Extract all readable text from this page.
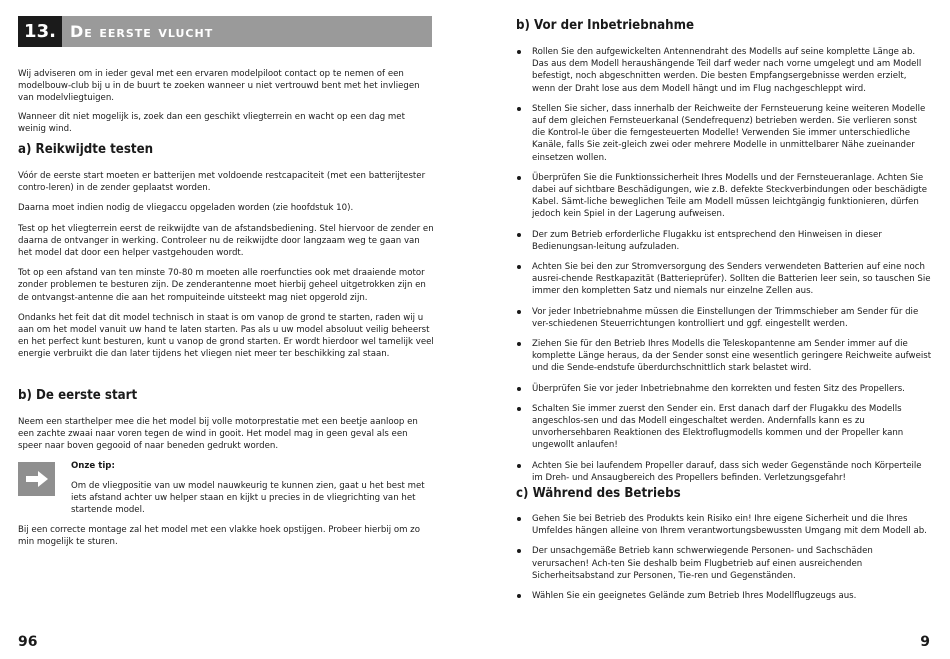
13. De eerste vlucht

Wij adviseren om in ieder geval met een ervaren modelpiloot contact op te nemen of een modelbouw-club bij u in de buurt te zoeken wanneer u niet vertrouwd bent met het invliegen van modelvliegtuigen.

Wanneer dit niet mogelijk is, zoek dan een geschikt vliegterrein en wacht op een dag met weinig wind.

a) Reikwijdte testen

Vóór de eerste start moeten er batterijen met voldoende restcapaciteit (met een batterijtester contro-leren) in de zender geplaatst worden.

Daarna moet indien nodig de vliegaccu opgeladen worden (zie hoofdstuk 10).

Test op het vliegterrein eerst de reikwijdte van de afstandsbediening. Stel hiervoor de zender en daarna de ontvanger in werking. Controleer nu de reikwijdte door langzaam weg te gaan van het model dat door een helper vastgehouden wordt.

Tot op een afstand van ten minste 70-80 m moeten alle roerfuncties ook met draaiende motor zonder problemen te besturen zijn. De zenderantenne moet hierbij geheel uitgetrokken zijn en de ontvangst-antenne die aan het rompuiteinde uitsteekt mag niet opgerold zijn.

Ondanks het feit dat dit model technisch in staat is om vanop de grond te starten, raden wij u aan om het model vanuit uw hand te laten starten. Pas als u uw model absoluut veilig beheerst en het perfect kunt besturen, kunt u vanop de grond starten. Er wordt hierdoor wel tamelijk veel energie verbruikt die dan later tijdens het vliegen niet meer ter beschikking zal staan.

b) De eerste start

Neem een starthelper mee die het model bij volle motorprestatie met een beetje aanloop en een zachte zwaai naar voren tegen de wind in gooit. Het model mag in geen geval als een speer naar boven gegooid of naar beneden gedrukt worden.

Onze tip:

Om de vliegpositie van uw model nauwkeurig te kunnen zien, gaat u het best met iets afstand achter uw helper staan en kijkt u precies in de vliegrichting van het startende model.

Bij een correcte montage zal het model met een vlakke hoek opstijgen. Probeer hierbij om zo min mogelijk te sturen.

96
b) Vor der Inbetriebnahme
Rollen Sie den aufgewickelten Antennendraht des Modells auf seine komplette Länge ab. Das aus dem Modell heraushängende Teil darf weder nach vorne umgelegt und am Modell befestigt, noch abgeschnitten werden. Die besten Empfangsergebnisse werden erzielt, wenn der Draht lose aus dem Modell hängt und im Flug nachgeschleppt wird.
Stellen Sie sicher, dass innerhalb der Reichweite der Fernsteuerung keine weiteren Modelle auf dem gleichen Fernsteuerkanal (Sendefrequenz) betrieben werden. Sie verlieren sonst die Kontrol-le über die ferngesteuerten Modelle! Verwenden Sie immer unterschiedliche Kanäle, falls Sie zeit-gleich zwei oder mehrere Modelle in unmittelbarer Nähe zueinander einsetzen wollen.
Überprüfen Sie die Funktionssicherheit Ihres Modells und der Fernsteueranlage. Achten Sie dabei auf sichtbare Beschädigungen, wie z.B. defekte Steckverbindungen oder beschädigte Kabel. Sämt-liche beweglichen Teile am Modell müssen leichtgängig funktionieren, dürfen jedoch kein Spiel in der Lagerung aufweisen.
Der zum Betrieb erforderliche Flugakku ist entsprechend den Hinweisen in dieser Bedienungsan-leitung aufzuladen.
Achten Sie bei den zur Stromversorgung des Senders verwendeten Batterien auf eine noch ausrei-chende Restkapazität (Batterieprüfer). Sollten die Batterien leer sein, so tauschen Sie immer den kompletten Satz und niemals nur einzelne Zellen aus.
Vor jeder Inbetriebnahme müssen die Einstellungen der Trimmschieber am Sender für die ver-schiedenen Steuerrichtungen kontrolliert und ggf. eingestellt werden.
Ziehen Sie für den Betrieb Ihres Modells die Teleskopantenne am Sender immer auf die komplette Länge heraus, da der Sender sonst eine wesentlich geringere Reichweite aufweist und die Sende-endstufe überdurchschnittlich stark belastet wird.
Überprüfen Sie vor jeder Inbetriebnahme den korrekten und festen Sitz des Propellers.
Schalten Sie immer zuerst den Sender ein. Erst danach darf der Flugakku des Modells angeschlos-sen und das Modell eingeschaltet werden. Andernfalls kann es zu unvorhersehbaren Reaktionen des Elektroflugmodells kommen und der Propeller kann ungewollt anlaufen!
Achten Sie bei laufendem Propeller darauf, dass sich weder Gegenstände noch Körperteile im Dreh- und Ansaugbereich des Propellers befinden. Verletzungsgefahr!
c) Während des Betriebs
Gehen Sie bei Betrieb des Produkts kein Risiko ein! Ihre eigene Sicherheit und die Ihres Umfeldes hängen alleine von Ihrem verantwortungsbewussten Umgang mit dem Modell ab.
Der unsachgemäße Betrieb kann schwerwiegende Personen- und Sachschäden verursachen! Ach-ten Sie deshalb beim Flugbetrieb auf einen ausreichenden Sicherheitsabstand zur Personen, Tie-ren und Gegenständen.
Wählen Sie ein geeignetes Gelände zum Betrieb Ihres Modellflugzeugs aus.
9
